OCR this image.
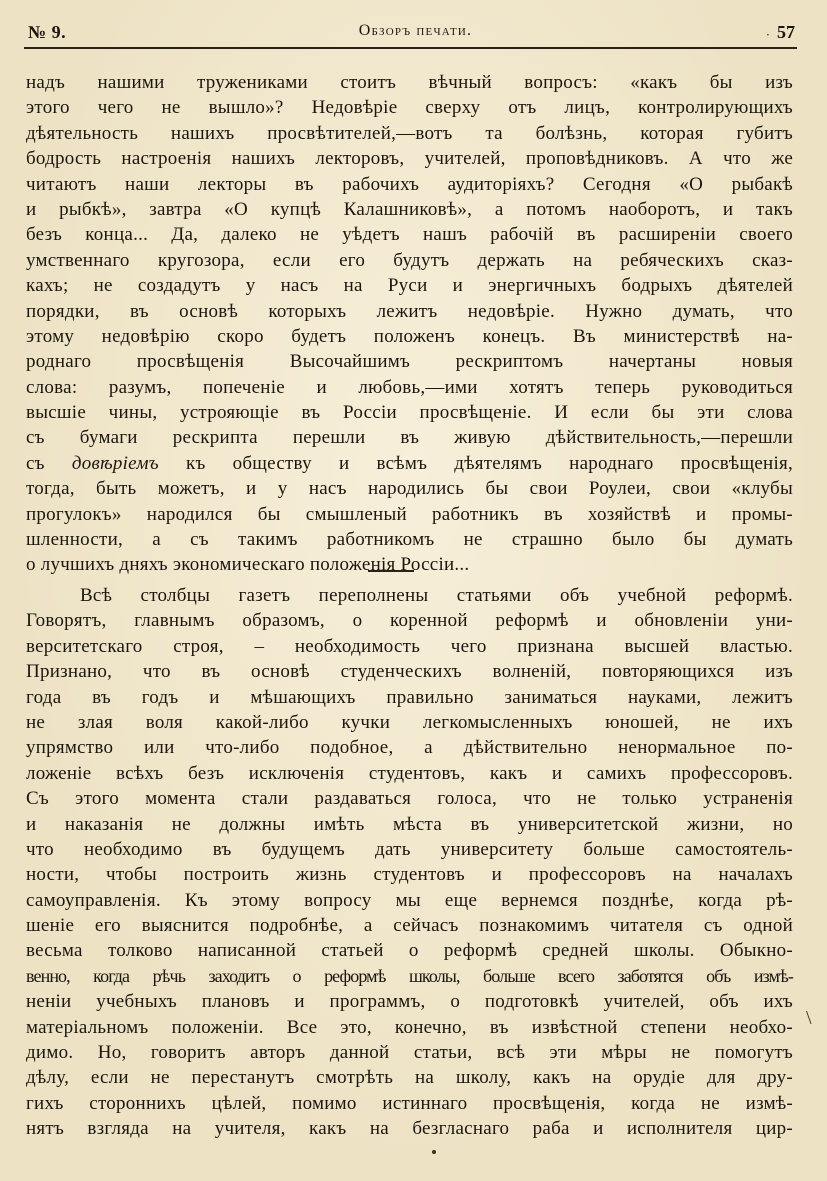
№ 9.	Обзоръ печати.	57
·
надъ нашими тружениками стоитъ вѣчный вопросъ: «какъ бы изъ
этого чего не вышло»? Недовѣріе сверху отъ лицъ, контролирующихъ
дѣятельность нашихъ просвѣтителей,—вотъ та болѣзнь, которая губитъ
бодрость настроенія нашихъ лекторовъ, учителей, проповѣдниковъ. А что же
читаютъ наши лекторы въ рабочихъ аудиторіяхъ? Сегодня «О рыбакѣ
и рыбкѣ», завтра «О купцѣ Калашниковѣ», а потомъ наоборотъ, и такъ
безъ конца... Да, далеко не уѣдетъ нашъ рабочій въ расширеніи своего
умственнаго кругозора, если его будутъ держать на ребяческихъ сказ-
кахъ; не создадутъ у насъ на Руси и энергичныхъ бодрыхъ дѣятелей
порядки, въ основѣ которыхъ лежитъ недовѣріе. Нужно думать, что
этому недовѣрію скоро будетъ положенъ конецъ. Въ министерствѣ на-
роднаго просвѣщенія Высочайшимъ рескриптомъ начертаны новыя
слова: разумъ, попеченіе и любовь,—ими хотятъ теперь руководиться
высшіе чины, устрояющіе въ Россіи просвѣщеніе. И если бы эти слова
съ бумаги рескрипта перешли въ живую дѣйствительность,—перешли
съ довѣріемъ къ обществу и всѣмъ дѣятелямъ народнаго просвѣщенія,
тогда, быть можетъ, и у насъ народились бы свои Роулеи, свои «клубы
прогулокъ» народился бы смышленый работникъ въ хозяйствѣ и промы-
шленности, а съ такимъ работникомъ не страшно было бы думать
о лучшихъ дняхъ экономическаго положенія Россіи...
Всѣ столбцы газетъ переполнены статьями объ учебной реформѣ.
Говорятъ, главнымъ образомъ, о коренной реформѣ и обновленіи уни-
верситетскаго строя, – необходимость чего признана высшей властью.
Признано, что въ основѣ студенческихъ волненій, повторяющихся изъ
года въ годъ и мѣшающихъ правильно заниматься науками, лежитъ
не злая воля какой-либо кучки легкомысленныхъ юношей, не ихъ
упрямство или что-либо подобное, а дѣйствительно ненормальное по-
ложеніе всѣхъ безъ исключенія студентовъ, какъ и самихъ профессоровъ.
Съ этого момента стали раздаваться голоса, что не только устраненія
и наказанія не должны имѣть мѣста въ университетской жизни, но
что необходимо въ будущемъ дать университету больше самостоятель-
ности, чтобы построить жизнь студентовъ и профессоровъ на началахъ
самоуправленія. Къ этому вопросу мы еще вернемся позднѣе, когда рѣ-
шеніе его выяснится подробнѣе, а сейчасъ познакомимъ читателя съ одной
весьма толково написанной статьей о реформѣ средней школы. Обыкно-
венно, когда рѣчь заходитъ о реформѣ школы, больше всего заботятся объ измѣ-
неніи учебныхъ плановъ и программъ, о подготовкѣ учителей, объ ихъ
матеріальномъ положеніи. Все это, конечно, въ извѣстной степени необхо-
димо. Но, говоритъ авторъ данной статьи, всѣ эти мѣры не помогутъ
дѣлу, если не перестанутъ смотрѣть на школу, какъ на орудіе для дру-
гихъ стороннихъ цѣлей, помимо истиннаго просвѣщенія, когда не измѣ-
нятъ взгляда на учителя, какъ на безгласнаго раба и исполнителя цир-
\
